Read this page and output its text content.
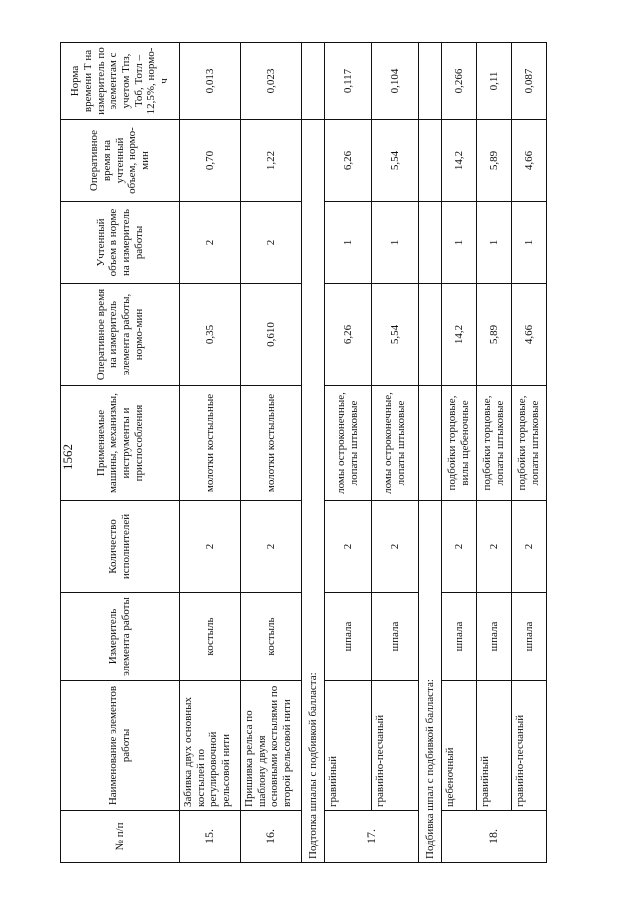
1562
№ п/п	Наименование элементов работы	Измеритель элемента работы	Количество исполнителей	Применяемые машины, механизмы, инструменты и приспособления	Оперативное время на измеритель элемента работы, нормо-мин	Учтенный объем в норме на измеритель работы	Оперативное время на учтенный объем, нормо-мин	Норма времени Т на измеритель по элементам с учетом Тпз, Тоб, Тотл – 12,5%, нормо-ч
15.	Забивка двух основных костылей по регулировочной рельсовой нити	костыль	2	молотки костыльные	0,35	2	0,70	0,013
16.	Пришивка рельса по шаблону двумя основными костылями по второй рельсовой нити	костыль	2	молотки костыльные	0,610	2	1,22	0,023
Подтопка шпалы с подбивкой балласта:								
17.	гравийный	шпала	2	ломы остроконечные, лопаты штыковые	6,26	1	6,26	0,117
	гравийно-песчаный	шпала	2	ломы остроконечные, лопаты штыковые	5,54	1	5,54	0,104
Подбивка шпал с подбивкой балласта:								
18.	щебеночный	шпала	2	подбойки торцовые, вилы щебеночные	14,2	1	14,2	0,266
	гравийный	шпала	2	подбойки торцовые, лопаты штыковые	5,89	1	5,89	0,11
	гравийно-песчаный	шпала	2	подбойки торцовые, лопаты штыковые	4,66	1	4,66	0,087
